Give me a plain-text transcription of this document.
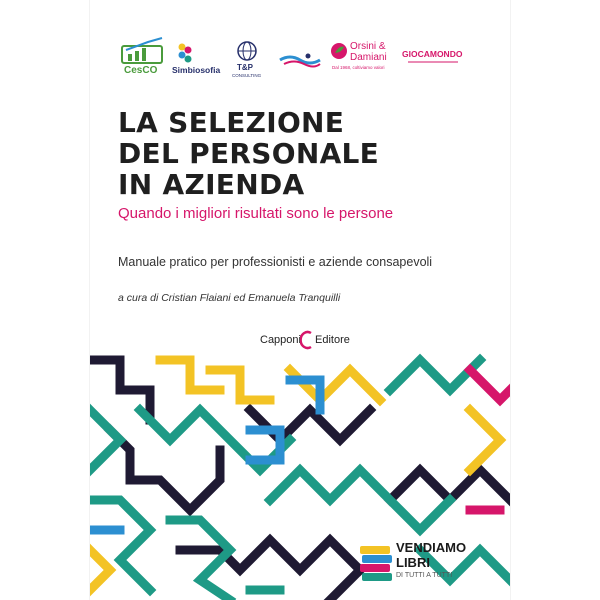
CesCO Simbiosofia T&P
CONSULTING
Orsini &
Damiani
Dal 1968, coltiviamo valori
GIOCAMONDO
LA SELEZIONE
DEL PERSONALE
IN AZIENDA
Quando i migliori risultati sono le persone
Manuale pratico per professionisti e aziende consapevoli
a cura di Cristian Flaiani ed Emanuela Tranquilli
Capponi Editore
VENDIAMO
LIBRI
DI TUTTI A TUTTI
